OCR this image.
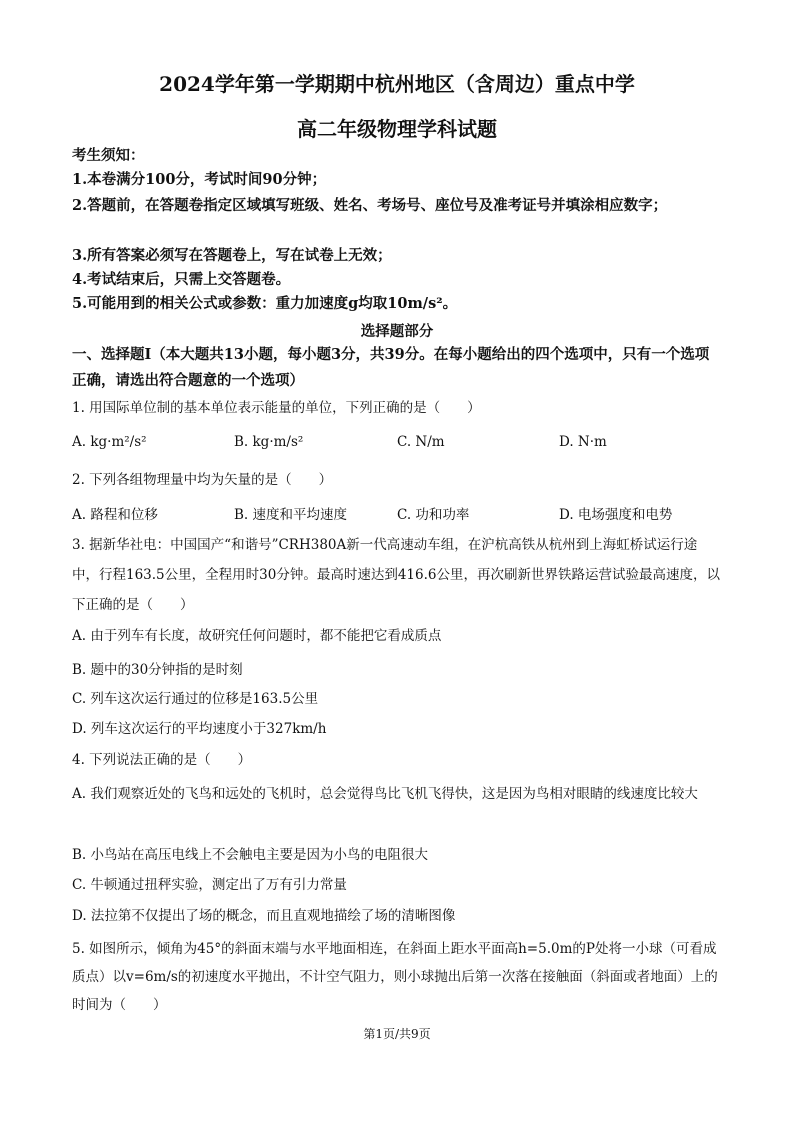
2024学年第一学期期中杭州地区（含周边）重点中学
高二年级物理学科试题
考生须知：
1.本卷满分100分，考试时间90分钟；
2.答题前，在答题卷指定区域填写班级、姓名、考场号、座位号及准考证号并填涂相应数字；
3.所有答案必须写在答题卷上，写在试卷上无效；
4.考试结束后，只需上交答题卷。
5.可能用到的相关公式或参数：重力加速度g均取10m/s²。
选择题部分
一、选择题Ⅰ（本大题共13小题，每小题3分，共39分。在每小题给出的四个选项中，只有一个选项正确，请选出符合题意的一个选项）
1. 用国际单位制的基本单位表示能量的单位，下列正确的是（　　）
A. kg·m²/s²	B. kg·m/s²	C. N/m	D. N·m
2. 下列各组物理量中均为矢量的是（　　）
A. 路程和位移	B. 速度和平均速度	C. 功和功率	D. 电场强度和电势
3. 据新华社电：中国国产“和谐号”CRH380A新一代高速动车组，在沪杭高铁从杭州到上海虹桥试运行途中，行程163.5公里，全程用时30分钟。最高时速达到416.6公里，再次刷新世界铁路运营试验最高速度，以下正确的是（　　）
A. 由于列车有长度，故研究任何问题时，都不能把它看成质点
B. 题中的30分钟指的是时刻
C. 列车这次运行通过的位移是163.5公里
D. 列车这次运行的平均速度小于327km/h
4. 下列说法正确的是（　　）
A. 我们观察近处的飞鸟和远处的飞机时，总会觉得鸟比飞机飞得快，这是因为鸟相对眼睛的线速度比较大
B. 小鸟站在高压电线上不会触电主要是因为小鸟的电阻很大
C. 牛顿通过扭秤实验，测定出了万有引力常量
D. 法拉第不仅提出了场的概念，而且直观地描绘了场的清晰图像
5. 如图所示，倾角为45°的斜面末端与水平地面相连，在斜面上距水平面高h=5.0m的P处将一小球（可看成质点）以v=6m/s的初速度水平抛出，不计空气阻力，则小球抛出后第一次落在接触面（斜面或者地面）上的时间为（　　）
第1页/共9页
